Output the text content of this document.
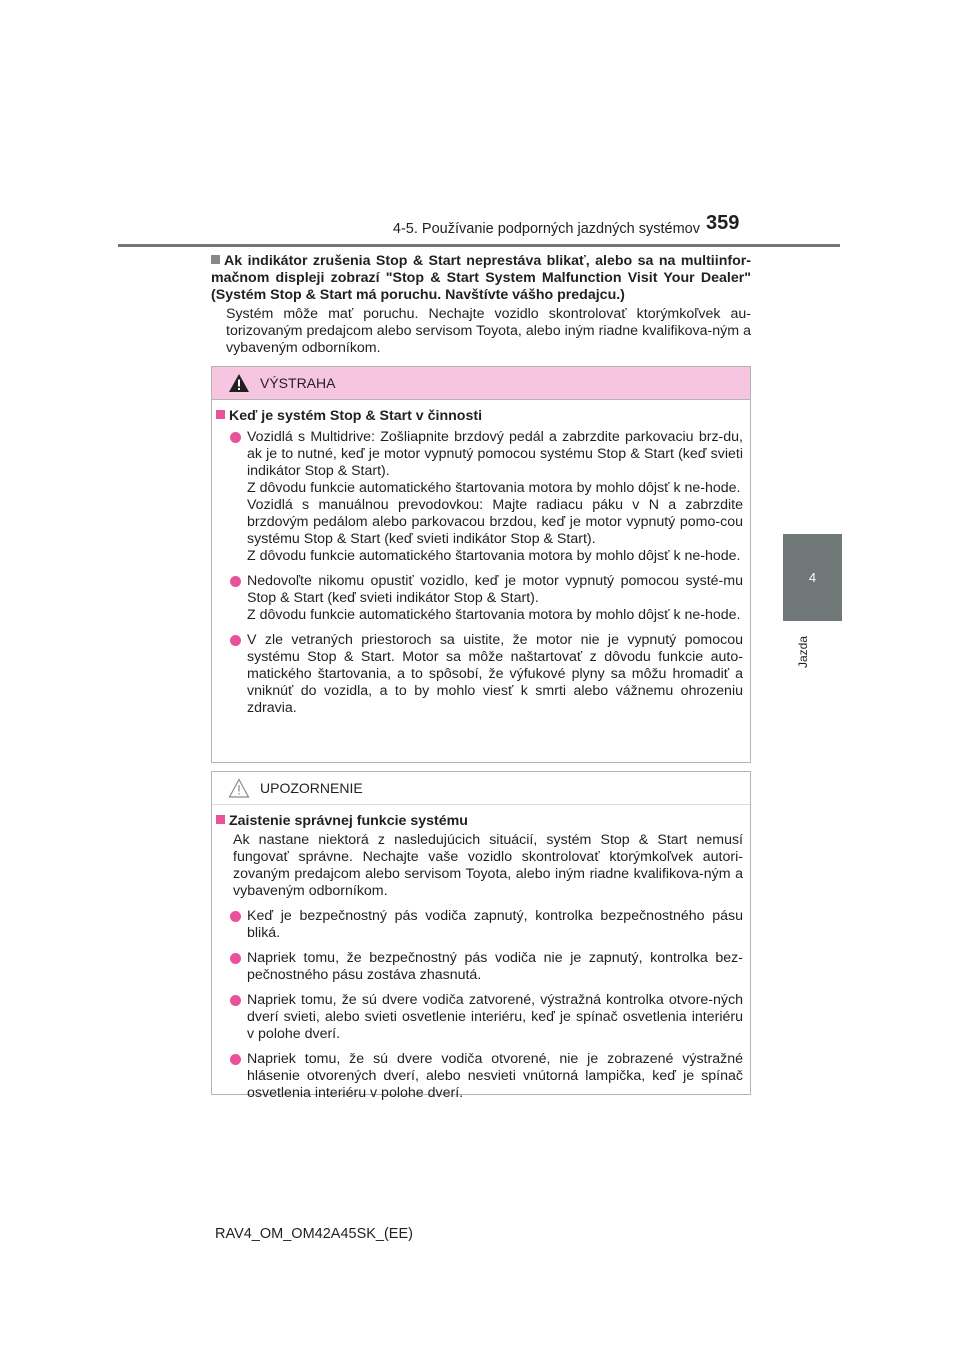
4-5. Používanie podporných jazdných systémov 359
4
Jazda
Ak indikátor zrušenia Stop & Start neprestáva blikať, alebo sa na multiinfor-mačnom displeji zobrazí "Stop & Start System Malfunction Visit Your Dealer" (Systém Stop & Start má poruchu. Navštívte vášho predajcu.)
Systém môže mať poruchu. Nechajte vozidlo skontrolovať ktorýmkoľvek au-torizovaným predajcom alebo servisom Toyota, alebo iným riadne kvalifikova-ným a vybaveným odborníkom.
VÝSTRAHA
Keď je systém Stop & Start v činnosti

Vozidlá s Multidrive: Zošliapnite brzdový pedál a zabrzdite parkovaciu brz-du, ak je to nutné, keď je motor vypnutý pomocou systému Stop & Start (keď svieti indikátor Stop & Start).

Z dôvodu funkcie automatického štartovania motora by mohlo dôjsť k ne-hode.

Vozidlá s manuálnou prevodovkou: Majte radiacu páku v N a zabrzdite brzdovým pedálom alebo parkovacou brzdou, keď je motor vypnutý pomo-cou systému Stop & Start (keď svieti indikátor Stop & Start).

Z dôvodu funkcie automatického štartovania motora by mohlo dôjsť k ne-hode.

Nedovoľte nikomu opustiť vozidlo, keď je motor vypnutý pomocou systé-mu Stop & Start (keď svieti indikátor Stop & Start).

Z dôvodu funkcie automatického štartovania motora by mohlo dôjsť k ne-hode.

V zle vetraných priestoroch sa uistite, že motor nie je vypnutý pomocou systému Stop & Start. Motor sa môže naštartovať z dôvodu funkcie auto-matického štartovania, a to spôsobí, že výfukové plyny sa môžu hromadiť a vniknúť do vozidla, a to by mohlo viesť k smrti alebo vážnemu ohrozeniu zdravia.

UPOZORNENIE
Zaistenie správnej funkcie systému
Ak nastane niektorá z nasledujúcich situácií, systém Stop & Start nemusí fungovať správne. Nechajte vaše vozidlo skontrolovať ktorýmkoľvek autori-zovaným predajcom alebo servisom Toyota, alebo iným riadne kvalifikova-ným a vybaveným odborníkom.

Keď je bezpečnostný pás vodiča zapnutý, kontrolka bezpečnostného pásu bliká.

Napriek tomu, že bezpečnostný pás vodiča nie je zapnutý, kontrolka bez-pečnostného pásu zostáva zhasnutá.

Napriek tomu, že sú dvere vodiča zatvorené, výstražná kontrolka otvore-ných dverí svieti, alebo svieti osvetlenie interiéru, keď je spínač osvetlenia interiéru v polohe dverí.

Napriek tomu, že sú dvere vodiča otvorené, nie je zobrazené výstražné hlásenie otvorených dverí, alebo nesvieti vnútorná lampička, keď je spínač osvetlenia interiéru v polohe dverí.

RAV4_OM_OM42A45SK_(EE)
